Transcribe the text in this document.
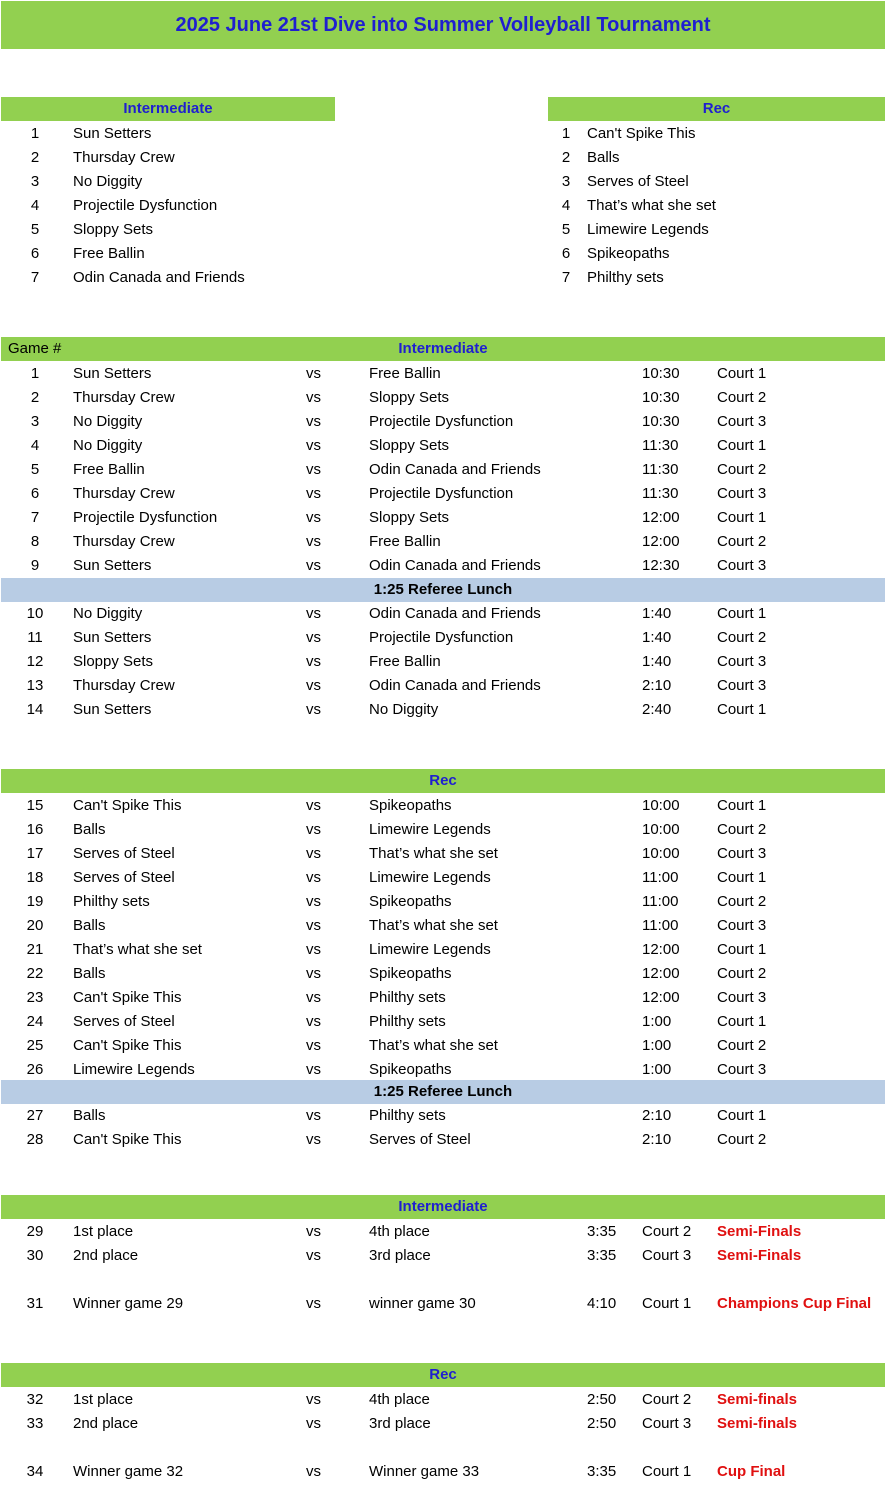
2025 June 21st Dive into Summer Volleyball Tournament
Intermediate	Rec
1	Sun Setters
2	Thursday Crew
3	No Diggity
4	Projectile Dysfunction
5	Sloppy Sets
6	Free Ballin
7	Odin Canada and Friends
1	Can't Spike This
2	Balls
3	Serves of Steel
4	That’s what she set
5	Limewire Legends
6	Spikeopaths
7	Philthy sets
Game #	Intermediate
1:25 Referee Lunch
Rec
1:25 Referee Lunch
Intermediate
Rec
1	Sun Setters	vs	Free Ballin	10:30 Court 1
2	Thursday Crew	vs	Sloppy Sets	10:30 Court 2
3	No Diggity	vs	Projectile Dysfunction	10:30 Court 3
4	No Diggity	vs	Sloppy Sets	11:30	Court 1
5	Free Ballin	vs	Odin Canada and Friends	11:30	Court 2
6	Thursday Crew	vs	Projectile Dysfunction	11:30	Court 3
7	Projectile Dysfunction	vs	Sloppy Sets	12:00 Court 1
8	Thursday Crew	vs	Free Ballin	12:00 Court 2
9	Sun Setters	vs	Odin Canada and Friends	12:30 Court 3
10	No Diggity	vs	Odin Canada and Friends	1:40	Court 1
11	Sun Setters	vs	Projectile Dysfunction	1:40	Court 2
12	Sloppy Sets	vs	Free Ballin	1:40	Court 3
13	Thursday Crew	vs	Odin Canada and Friends	2:10	Court 3
14	Sun Setters	vs	No Diggity	2:40	Court 1
15	Can't Spike This	vs	Spikeopaths	10:00 Court 1
16	Balls	vs	Limewire Legends	10:00 Court 2
17	Serves of Steel	vs	That’s what she set	10:00 Court 3
18	Serves of Steel	vs	Limewire Legends	11:00	Court 1
19	Philthy sets	vs	Spikeopaths	11:00	Court 2
20	Balls	vs	That’s what she set	11:00	Court 3
21	That’s what she set	vs	Limewire Legends	12:00 Court 1
22	Balls	vs	Spikeopaths	12:00 Court 2
23	Can't Spike This	vs	Philthy sets	12:00 Court 3
24	Serves of Steel	vs	Philthy sets	1:00	Court 1
25	Can't Spike This	vs	That’s what she set	1:00	Court 2
26	Limewire Legends	vs	Spikeopaths	1:00	Court 3
27	Balls	vs	Philthy sets	2:10	Court 1
28	Can't Spike This	vs	Serves of Steel	2:10	Court 2
29	1st place	vs	4th place	3:35 Court 2 Semi-Finals
30	2nd place	vs	3rd place	3:35 Court 3 Semi-Finals
31	Winner game 29	vs	winner game 30	4:10 Court 1 Champions Cup Final
32	1st place	vs	4th place	2:50 Court 2 Semi-finals
33	2nd place	vs	3rd place	2:50 Court 3 Semi-finals
34	Winner game 32	vs	Winner game 33	3:35 Court 1 Cup Final
